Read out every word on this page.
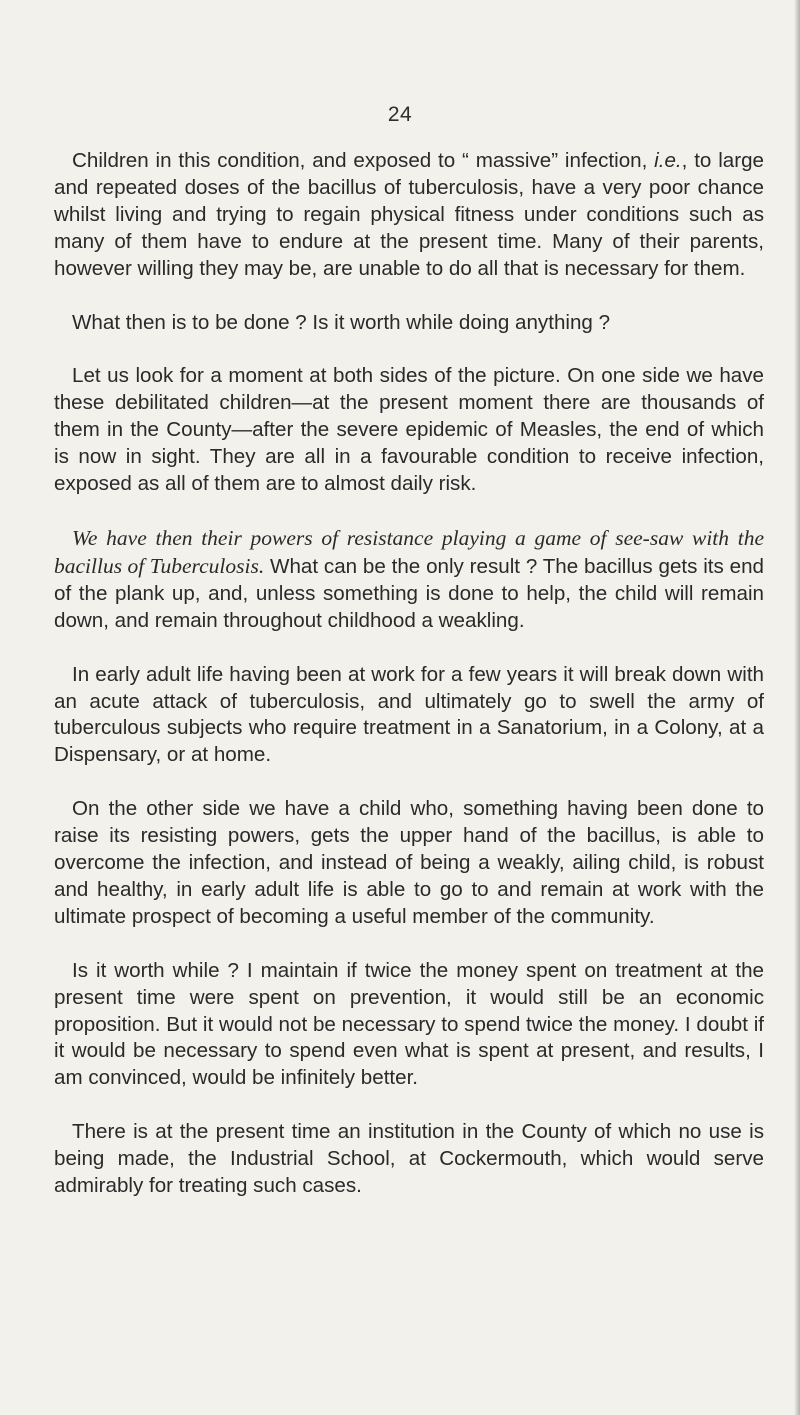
24

Children in this condition, and exposed to “ massive” infection, i.e., to large and repeated doses of the bacillus of tuberculosis, have a very poor chance whilst living and trying to regain physical fitness under conditions such as many of them have to endure at the present time. Many of their parents, however willing they may be, are unable to do all that is necessary for them.

What then is to be done ? Is it worth while doing anything ?

Let us look for a moment at both sides of the picture. On one side we have these debilitated children—at the present moment there are thousands of them in the County—after the severe epidemic of Measles, the end of which is now in sight. They are all in a favourable condition to receive infection, exposed as all of them are to almost daily risk.

We have then their powers of resistance playing a game of see-saw with the bacillus of Tuberculosis. What can be the only result ? The bacillus gets its end of the plank up, and, unless something is done to help, the child will remain down, and remain throughout childhood a weakling.

In early adult life having been at work for a few years it will break down with an acute attack of tuberculosis, and ultimately go to swell the army of tuberculous subjects who require treatment in a Sanatorium, in a Colony, at a Dispensary, or at home.

On the other side we have a child who, something having been done to raise its resisting powers, gets the upper hand of the bacillus, is able to overcome the infection, and instead of being a weakly, ailing child, is robust and healthy, in early adult life is able to go to and remain at work with the ultimate prospect of becoming a useful member of the community.

Is it worth while ? I maintain if twice the money spent on treatment at the present time were spent on prevention, it would still be an economic proposition. But it would not be necessary to spend twice the money. I doubt if it would be necessary to spend even what is spent at present, and results, I am convinced, would be infinitely better.

There is at the present time an institution in the County of which no use is being made, the Industrial School, at Cockermouth, which would serve admirably for treating such cases.
